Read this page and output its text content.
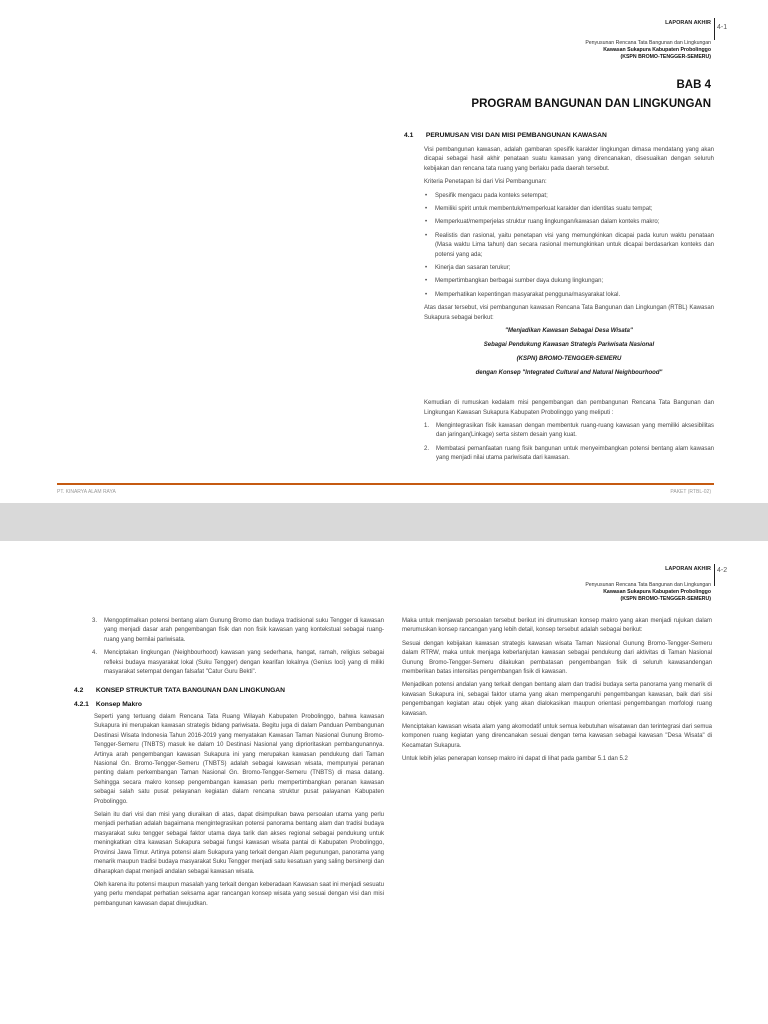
LAPORAN AKHIR
4-1
Penyusunan Rencana Tata Bangunan dan Lingkungan
Kawasan Sukapura Kabupaten Probolinggo
(KSPN BROMO-TENGGER-SEMERU)
BAB 4
PROGRAM BANGUNAN DAN LINGKUNGAN
4.1 PERUMUSAN VISI DAN MISI PEMBANGUNAN KAWASAN

Visi pembangunan kawasan, adalah gambaran spesifik karakter lingkungan dimasa mendatang yang akan dicapai sebagai hasil akhir penataan suatu kawasan yang direncanakan, disesuaikan dengan seluruh kebijakan dan rencana tata ruang yang berlaku pada daerah tersebut.

Kriteria Penetapan Isi dari Visi Pembangunan:

• Spesifik mengacu pada konteks setempat;
• Memiliki spirit untuk membentuk/memperkuat karakter dan identitas suatu tempat;
• Memperkuat/memperjelas struktur ruang lingkungan/kawasan dalam konteks makro;
• Realistis dan rasional, yaitu penetapan visi yang memungkinkan dicapai pada kurun waktu penataan (Masa waktu Lima tahun) dan secara rasional memungkinkan untuk dicapai berdasarkan konteks dan potensi yang ada;
• Kinerja dan sasaran terukur;
• Mempertimbangkan berbagai sumber daya dukung lingkungan;
• Memperhatikan kepentingan masyarakat pengguna/masyarakat lokal.

Atas dasar tersebut, visi pembangunan kawasan Rencana Tata Bangunan dan Lingkungan (RTBL) Kawasan Sukapura sebagai berikut:

"Menjadikan Kawasan Sebagai Desa Wisata"
Sebagai Pendukung Kawasan Strategis Pariwisata Nasional
(KSPN) BROMO-TENGGER-SEMERU
dengan Konsep "Integrated Cultural and Natural Neighbourhood"

Kemudian di rumuskan kedalam misi pengembangan dan pembangunan Rencana Tata Bangunan dan Lingkungan Kawasan Sukapura Kabupaten Probolinggo yang meliputi :

1. Mengintegrasikan fisik kawasan dengan membentuk ruang-ruang kawasan yang memiliki aksesibilitas dan jaringan(Linkage) serta sistem desain yang kuat.
2. Membatasi pemanfaatan ruang fisik bangunan untuk menyeimbangkan potensi bentang alam kawasan yang menjadi nilai utama pariwisata dari kawasan.
PT. KINARYA ALAM RAYA	PAKET (RTBL-02)
LAPORAN AKHIR 4-2
Penyusunan Rencana Tata Bangunan dan Lingkungan
Kawasan Sukapura Kabupaten Probolinggo
(KSPN BROMO-TENGGER-SEMERU)
3. Mengoptimalkan potensi bentang alam Gunung Bromo dan budaya tradisional suku Tengger di kawasan yang menjadi dasar arah pengembangan fisik dan non fisik kawasan yang kontekstual sebagai ruang-ruang yang bernilai pariwisata.
4. Menciptakan lingkungan (Neighbourhood) kawasan yang sederhana, hangat, ramah, religius sebagai refleksi budaya masyarakat lokal (Suku Tengger) dengan kearifan lokalnya (Genius loci) yang di miliki masyarakat setempat dengan falsafat "Catur Guru Bekti".
4.2 KONSEP STRUKTUR TATA BANGUNAN DAN LINGKUNGAN
4.2.1 Konsep Makro

Seperti yang tertuang dalam Rencana Tata Ruang Wilayah Kabupaten Probolinggo, bahwa kawasan Sukapura ini merupakan kawasan strategis bidang pariwisata. Begitu juga di dalam Panduan Pembangunan Destinasi Wisata Indonesia Tahun 2016-2019 yang menyatakan Kawasan Taman Nasional Gunung Bromo-Tengger-Semeru (TNBTS) masuk ke dalam 10 Destinasi Nasional yang diprioritaskan pembangunannya. Artinya arah pengembangan kawasan Sukapura ini yang merupakan kawasan pendukung dari Taman Nasional Gn. Bromo-Tengger-Semeru (TNBTS) adalah sebagai kawasan wisata, mempunyai peranan penting dalam perkembangan Taman Nasional Gn. Bromo-Tengger-Semeru (TNBTS) di masa datang. Sehingga secara makro konsep pengembangan kawasan perlu mempertimbangkan peranan kawasan sebagai salah satu pusat pelayanan kegiatan dalam rencana struktur pusat palayanan Kabupaten Probolinggo.

Selain itu dari visi dan misi yang diuraikan di atas, dapat disimpulkan bawa persoalan utama yang perlu menjadi perhatian adalah bagaimana mengintegrasikan potensi panorama bentang alam dan tradisi budaya masyarakat suku tengger sebagai faktor utama daya tarik dan akses regional sebagai pendukung untuk meningkatkan citra kawasan Sukapura sebagai fungsi kawasan wisata pantai di Kabupaten Probolinggo, Provinsi Jawa Timur. Artinya potensi alam Sukapura yang terkait dengan Alam pegunungan, panorama yang menarik maupun tradisi budaya masyarakat Suku Tengger menjadi satu kesatuan yang saling bersinergi dan diharapkan dapat menjadi andalan sebagai kawasan wisata.

Oleh karena itu potensi maupun masalah yang terkait dengan keberadaan Kawasan saat ini menjadi sesuatu yang perlu mendapat perhatian seksama agar rancangan konsep wisata yang sesuai dengan visi dan misi pembangunan kawasan dapat diwujudkan.

Maka untuk menjawab persoalan tersebut berikut ini dirumuskan konsep makro yang akan menjadi rujukan dalam merumuskan konsep rancangan yang lebih detail, konsep tersebut adalah sebagai berikut:

Sesuai dengan kebijakan kawasan strategis kawasan wisata Taman Nasional Gunung Bromo-Tengger-Semeru dalam RTRW, maka untuk menjaga keberlanjutan kawasan sebagai pendukung dari aktivitas di Taman Nasional Gunung Bromo-Tengger-Semeru dilakukan pembatasan pengembangan fisik di seluruh kawasandengan memberikan batas intensitas pengembangan fisik di kawasan.

Menjadikan potensi andalan yang terkait dengan bentang alam dan tradisi budaya serta panorama yang menarik di kawasan Sukapura ini, sebagai faktor utama yang akan mempengaruhi pengembangan kawasan, baik dari sisi pengembangan kegiatan atau objek yang akan dialokasikan maupun orientasi pengembangan morfologi ruang kawasan.

Menciptakan kawasan wisata alam yang akomodatif untuk semua kebutuhan wisatawan dan terintegrasi dari semua komponen ruang kegiatan yang direncanakan sesuai dengan tema kawasan sebagai kawasan "Desa Wisata" di Kecamatan Sukapura.

Untuk lebih jelas penerapan konsep makro ini dapat di lihat pada gambar 5.1 dan 5.2
